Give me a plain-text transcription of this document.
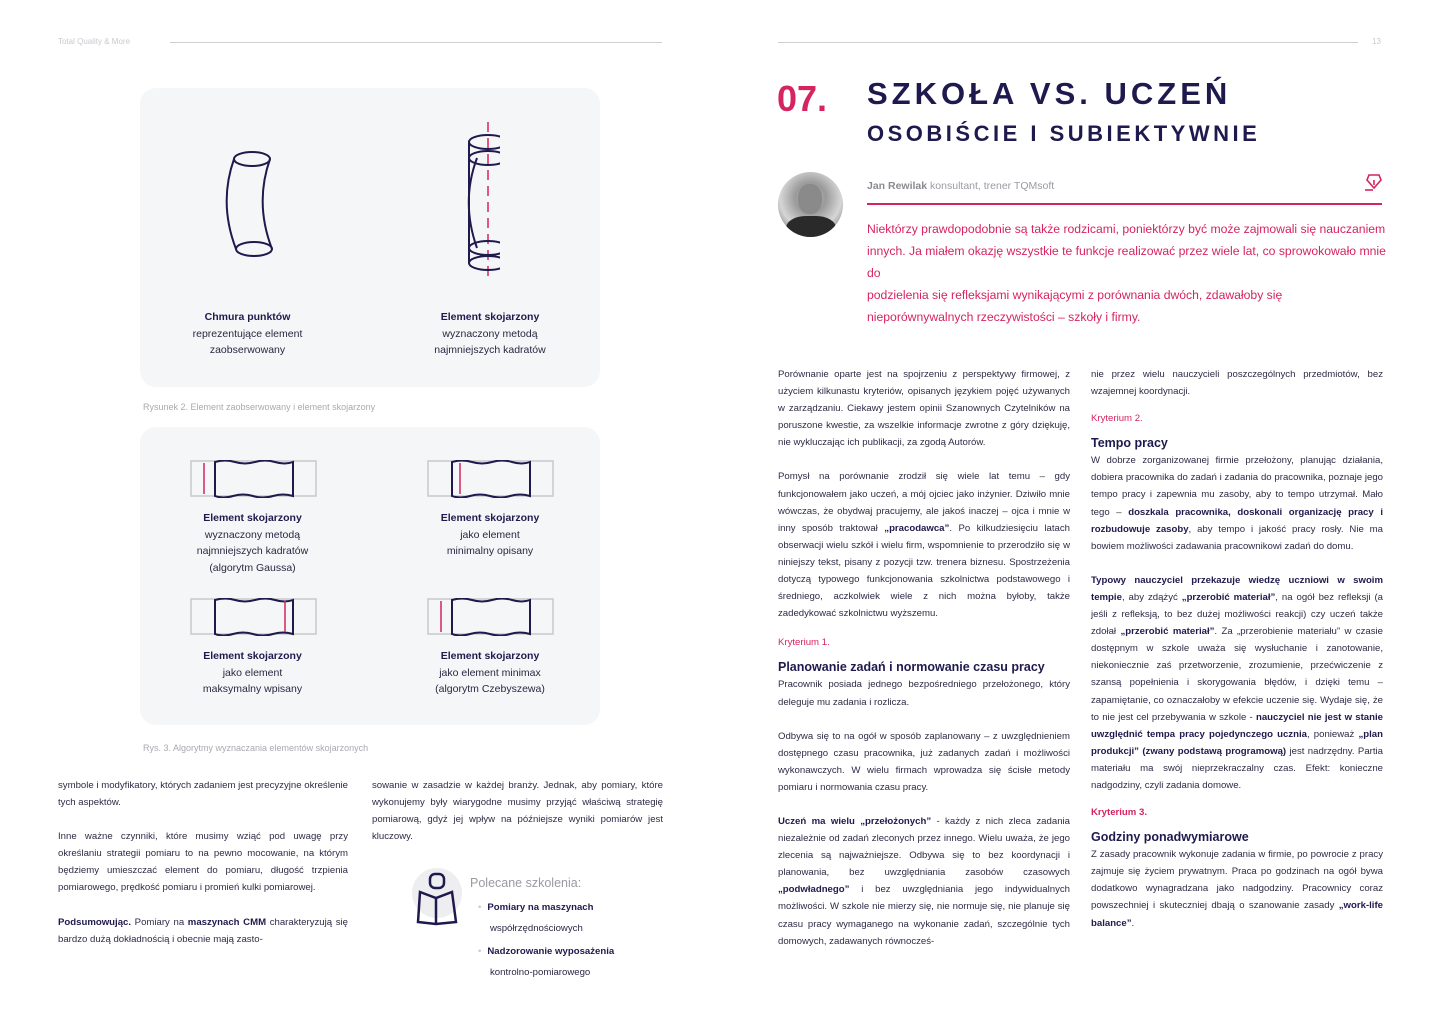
Total Quality & More
Chmura punktów
reprezentujące element
zaobserwowany
Element skojarzony
wyznaczony metodą
najmniejszych kadratów
Rysunek 2. Element zaobserwowany i element skojarzony
Element skojarzony
wyznaczony metodą
najmniejszych kadratów
(algorytm Gaussa)
Element skojarzony
jako element
minimalny opisany
Element skojarzony
jako element
maksymalny wpisany
Element skojarzony
jako element minimax
(algorytm Czebyszewa)
Rys. 3. Algorytmy wyznaczania elementów skojarzonych

symbole i modyfikatory, których zadaniem jest precyzyjne określenie tych aspektów.

Inne ważne czynniki, które musimy wziąć pod uwagę przy określaniu strategii pomiaru to na pewno mocowanie, na którym będziemy umieszczać element do pomiaru, długość trzpienia pomiarowego, prędkość pomiaru i promień kulki pomiarowej.

Podsumowując. Pomiary na maszynach CMM charakteryzują się bardzo dużą dokładnością i obecnie mają zasto-

sowanie w zasadzie w każdej branży. Jednak, aby pomiary, które wykonujemy były wiarygodne musimy przyjąć właściwą strategię pomiarową, gdyż jej wpływ na późniejsze wyniki pomiarów jest kluczowy.

Polecane szkolenia:
• Pomiary na maszynach
współrzędnościowych
• Nadzorowanie wyposażenia
kontrolno-pomiarowego
13
07. SZKOŁA VS. UCZEŃ
OSOBIŚCIE I SUBIEKTYWNIE
Jan Rewilak konsultant, trener TQMsoft
Niektórzy prawdopodobnie są także rodzicami, poniektórzy być może zajmowali się nauczaniem innych. Ja miałem okazję wszystkie te funkcje realizować przez wiele lat, co sprowokowało mnie do
podzielenia się refleksjami wynikającymi z porównania dwóch, zdawałoby się nieporównywalnych rzeczywistości – szkoły i firmy.

Porównanie oparte jest na spojrzeniu z perspektywy firmowej, z użyciem kilkunastu kryteriów, opisanych językiem pojęć używanych w zarządzaniu. Ciekawy jestem opinii Szanownych Czytelników na poruszone kwestie, za wszelkie informacje zwrotne z góry dziękuję, nie wykluczając ich publikacji, za zgodą Autorów.

Pomysł na porównanie zrodził się wiele lat temu – gdy funkcjonowałem jako uczeń, a mój ojciec jako inżynier. Dziwiło mnie wówczas, że obydwaj pracujemy, ale jakoś inaczej – ojca i mnie w inny sposób traktował „pracodawca”. Po kilkudziesięciu latach obserwacji wielu szkół i wielu firm, wspomnienie to przerodziło się w niniejszy tekst, pisany z pozycji tzw. trenera biznesu. Spostrzeżenia dotyczą typowego funkcjonowania szkolnictwa podstawowego i średniego, aczkolwiek wiele z nich można byłoby, także zadedykować szkolnictwu wyższemu.

Kryterium 1.
Planowanie zadań i normowanie czasu pracy

Pracownik posiada jednego bezpośredniego przełożonego, który deleguje mu zadania i rozlicza.

Odbywa się to na ogół w sposób zaplanowany – z uwzględnieniem dostępnego czasu pracownika, już zadanych zadań i możliwości wykonawczych. W wielu firmach wprowadza się ścisłe metody pomiaru i normowania czasu pracy.

Uczeń ma wielu „przełożonych” - każdy z nich zleca zadania niezależnie od zadań zleconych przez innego. Wielu uważa, że jego zlecenia są najważniejsze. Odbywa się to bez koordynacji i planowania, bez uwzględniania zasobów czasowych „podwładnego” i bez uwzględniania jego indywidualnych możliwości. W szkole nie mierzy się, nie normuje się, nie planuje się czasu pracy wymaganego na wykonanie zadań, szczególnie tych domowych, zadawanych równocześ-

nie przez wielu nauczycieli poszczególnych przedmiotów, bez wzajemnej koordynacji.

Kryterium 2.
Tempo pracy

W dobrze zorganizowanej firmie przełożony, planując działania, dobiera pracownika do zadań i zadania do pracownika, poznaje jego tempo pracy i zapewnia mu zasoby, aby to tempo utrzymał. Mało tego – doszkala pracownika, doskonali organizację pracy i rozbudowuje zasoby, aby tempo i jakość pracy rosły. Nie ma bowiem możliwości zadawania pracownikowi zadań do domu.

Typowy nauczyciel przekazuje wiedzę uczniowi w swoim tempie, aby zdążyć „przerobić materiał”, na ogół bez refleksji (a jeśli z refleksją, to bez dużej możliwości reakcji) czy uczeń także zdołał „przerobić materiał”. Za „przerobienie materiału” w czasie dostępnym w szkole uważa się wysłuchanie i zanotowanie, niekoniecznie zaś przetworzenie, zrozumienie, przećwiczenie z szansą popełnienia i skorygowania błędów, i dzięki temu – zapamiętanie, co oznaczałoby w efekcie uczenie się. Wydaje się, że to nie jest cel przebywania w szkole - nauczyciel nie jest w stanie uwzględnić tempa pracy pojedynczego ucznia, ponieważ „plan produkcji” (zwany podstawą programową) jest nadrzędny. Partia materiału ma swój nieprzekraczalny czas. Efekt: konieczne nadgodziny, czyli zadania domowe.

Kryterium 3.
Godziny ponadwymiarowe

Z zasady pracownik wykonuje zadania w firmie, po powrocie z pracy zajmuje się życiem prywatnym. Praca po godzinach na ogół bywa dodatkowo wynagradzana jako nadgodziny. Pracownicy coraz powszechniej i skuteczniej dbają o szanowanie zasady „work-life balance”.
